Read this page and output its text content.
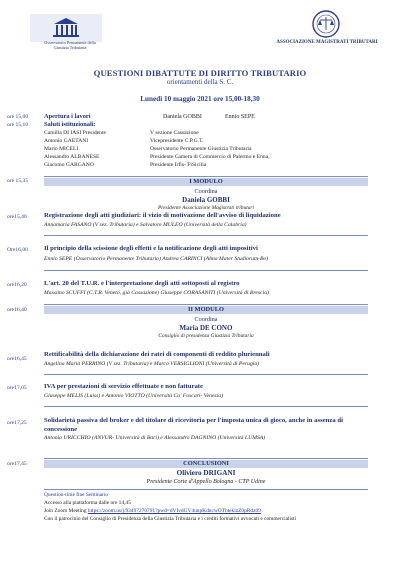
Osservatorio Permanente della
Giustizia Tributaria
ASSOCIAZIONE MAGISTRATI TRIBUTARI
QUESTIONI DIBATTUTE DI DIRITTO TRIBUTARIO
orientamenti della S. C.
Lunedì 10 maggio 2021 ore 15,00-18,30
ore 15,00 Apertura i lavori	Daniela GOBBI	Ennio SEPE
ore 15,10 Saluti istituzionali:
Camilla DI IASI Presidente	V sezione Cassazione
Antonio GAETANI	Vicepresidente C.P.G.T.
Mario MICELI	Osservatorio Permanente Giustizia Tributaria
Alessandro ALBANESE	Presidente Camera di Commercio di Palermo e Enna,
Giacomo GARGANO	Presidente Irfis- FiSicilia
ore 15,35	I MODULO
Coordina
Daniela GOBBI
Presidente Associazione Magistrati tributari
ore15,40	Registrazione degli atti giudiziari: il vizio di motivazione dell'avviso di liquidazione
Annamaria FASANO (V sez. Tributaria) e Salvatore MULEO (Università della Calabria)
Ore16,00 Il principio della scissione degli effetti e la notificazione degli atti impositivi
Ennio SEPE (Osservatorio Permanente Tributario) Andrea CARINCI (Alma Mater Studiorum-Bo)
ore16,20	L'art. 20 del T.U.R. e l'interpretazione degli atti sottoposti al registro
Massimo SCUFFI (C.T.R. Veneto, già Cassazione) Giuseppe CORASANITI (Università di Brescia)
ore16,40	II MODULO
Coordina
Maria DE CONO
Consiglio di presidenza Giustizia Tributaria
ore16,45
Rettificabilità della dichiarazione dei ratei di componenti di reddito pluriennali
Angelina Maria PERRINO (V sez. Tributaria) e Marco VERSIGLIONI (Università di Perugia)
ore17,05	IVA per prestazioni di servizio effettuate e non fatturate
Giuseppe MELIS (Luiss) e Antonio VIOTTO (Università Ca' Foscari- Venezia)
ore17,25	Solidarietà passiva del broker e del titolare di ricevitoria per l'imposta unica di gioco, anche in assenza di concessione
Antonio URICCHIO (ANVUR- Università di Bari) e Alessandro DAGNINO (Università LUMSA)
ore17,45	CONCLUSIONI
Oliviero DRIGANI
Presidente Corte d'Appello Bologna - CTP Udine
Question-time fine Seminario
Accesso alla piattaforma dalle ore 14,45
Join Zoom Meeting https://zoom.us/j/93497270791?pwd=dVIvdGV4unpKdncwOThteklzZ0pRdz09
Con il patrocinio del Consiglio di Presidenza della Giustizia Tributaria e i crediti formativi avvocati e commercialisti
